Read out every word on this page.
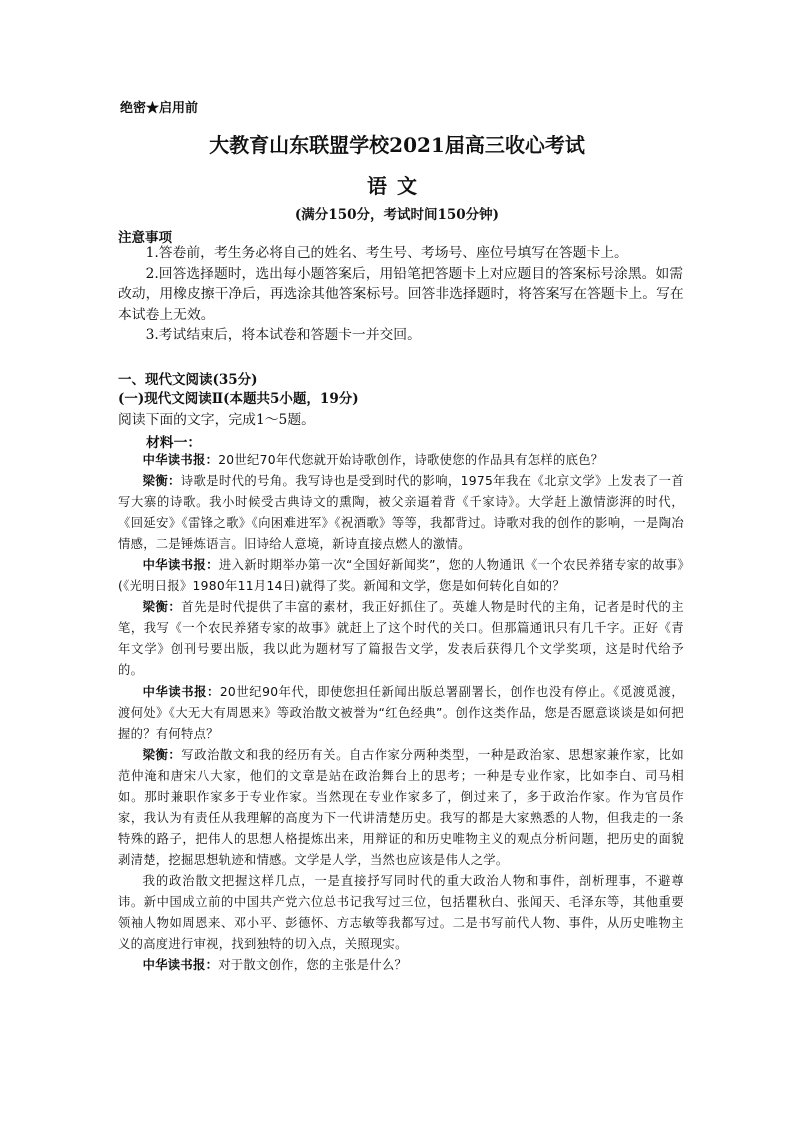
绝密★启用前
大教育山东联盟学校2021届高三收心考试
语文
(满分150分，考试时间150分钟)
注意事项

1.答卷前，考生务必将自己的姓名、考生号、考场号、座位号填写在答题卡上。

2.回答选择题时，选出每小题答案后，用铅笔把答题卡上对应题目的答案标号涂黑。如需改动，用橡皮擦干净后，再选涂其他答案标号。回答非选择题时，将答案写在答题卡上。写在本试卷上无效。

3.考试结束后，将本试卷和答题卡一并交回。

一、现代文阅读(35分)
(一)现代文阅读Ⅱ(本题共5小题，19分)
阅读下面的文字，完成1～5题。
材料一：

中华读书报：20世纪70年代您就开始诗歌创作，诗歌使您的作品具有怎样的底色？

梁衡：诗歌是时代的号角。我写诗也是受到时代的影响，1975年我在《北京文学》上发表了一首写大寨的诗歌。我小时候受古典诗文的熏陶，被父亲逼着背《千家诗》。大学赶上激情澎湃的时代，《回延安》《雷锋之歌》《向困难进军》《祝酒歌》等等，我都背过。诗歌对我的创作的影响，一是陶冶情感，二是锤炼语言。旧诗给人意境，新诗直接点燃人的激情。

中华读书报：进入新时期举办第一次“全国好新闻奖”，您的人物通讯《一个农民养猪专家的故事》(《光明日报》1980年11月14日)就得了奖。新闻和文学，您是如何转化自如的？

梁衡：首先是时代提供了丰富的素材，我正好抓住了。英雄人物是时代的主角，记者是时代的主笔，我写《一个农民养猪专家的故事》就赶上了这个时代的关口。但那篇通讯只有几千字。正好《青年文学》创刊号要出版，我以此为题材写了篇报告文学，发表后获得几个文学奖项，这是时代给予的。

中华读书报：20世纪90年代，即使您担任新闻出版总署副署长，创作也没有停止。《觅渡觅渡，渡何处》《大无大有周恩来》等政治散文被誉为“红色经典”。创作这类作品，您是否愿意谈谈是如何把握的？有何特点？

梁衡：写政治散文和我的经历有关。自古作家分两种类型，一种是政治家、思想家兼作家，比如范仲淹和唐宋八大家，他们的文章是站在政治舞台上的思考；一种是专业作家，比如李白、司马相如。那时兼职作家多于专业作家。当然现在专业作家多了，倒过来了，多于政治作家。作为官员作家，我认为有责任从我理解的高度为下一代讲清楚历史。我写的都是大家熟悉的人物，但我走的一条特殊的路子，把伟人的思想人格提炼出来，用辩证的和历史唯物主义的观点分析问题，把历史的面貌剥清楚，挖掘思想轨迹和情感。文学是人学，当然也应该是伟人之学。

我的政治散文把握这样几点，一是直接抒写同时代的重大政治人物和事件，剖析理事，不避尊讳。新中国成立前的中国共产党六位总书记我写过三位，包括瞿秋白、张闻天、毛泽东等，其他重要领袖人物如周恩来、邓小平、彭德怀、方志敏等我都写过。二是书写前代人物、事件，从历史唯物主义的高度进行审视，找到独特的切入点，关照现实。

中华读书报：对于散文创作，您的主张是什么？
